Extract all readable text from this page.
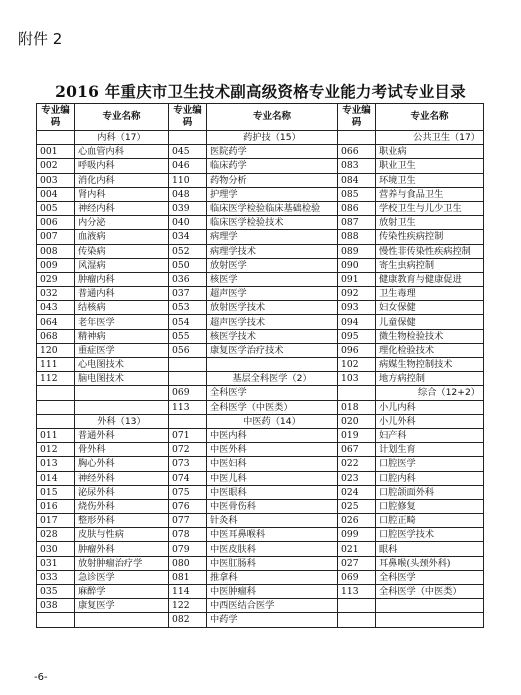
附件 2
2016 年重庆市卫生技术副高级资格专业能力考试专业目录
专业编码	专业名称	专业编码	专业名称	专业编码	专业名称
	内科（17）		药护技（15）		公共卫生（17）
001	心血管内科	045	医院药学	066	职业病
002	呼吸内科	046	临床药学	083	职业卫生
003	消化内科	110	药物分析	084	环境卫生
004	肾内科	048	护理学	085	营养与食品卫生
005	神经内科	039	临床医学检验临床基础检验	086	学校卫生与儿少卫生
006	内分泌	040	临床医学检验技术	087	放射卫生
007	血液病	034	病理学	088	传染性疾病控制
008	传染病	052	病理学技术	089	慢性非传染性疾病控制
009	风湿病	050	放射医学	090	寄生虫病控制
029	肿瘤内科	036	核医学	091	健康教育与健康促进
032	普通内科	037	超声医学	092	卫生毒理
043	结核病	053	放射医学技术	093	妇女保健
064	老年医学	054	超声医学技术	094	儿童保健
068	精神病	055	核医学技术	095	微生物检验技术
120	重症医学	056	康复医学治疗技术	096	理化检验技术
111	心电图技术			102	病媒生物控制技术
112	脑电图技术		基层全科医学（2）	103	地方病控制
		069	全科医学		综合（12+2）
		113	全科医学（中医类）	018	小儿内科
	外科（13）		中医药（14）	020	小儿外科
011	普通外科	071	中医内科	019	妇产科
012	骨外科	072	中医外科	067	计划生育
013	胸心外科	073	中医妇科	022	口腔医学
014	神经外科	074	中医儿科	023	口腔内科
015	泌尿外科	075	中医眼科	024	口腔颌面外科
016	烧伤外科	076	中医骨伤科	025	口腔修复
017	整形外科	077	针灸科	026	口腔正畸
028	皮肤与性病	078	中医耳鼻喉科	099	口腔医学技术
030	肿瘤外科	079	中医皮肤科	021	眼科
031	放射肿瘤治疗学	080	中医肛肠科	027	耳鼻喉(头颈外科)
033	急诊医学	081	推拿科	069	全科医学
035	麻醉学	114	中医肿瘤科	113	全科医学（中医类）
038	康复医学	122	中西医结合医学		
		082	中药学		
-6-
